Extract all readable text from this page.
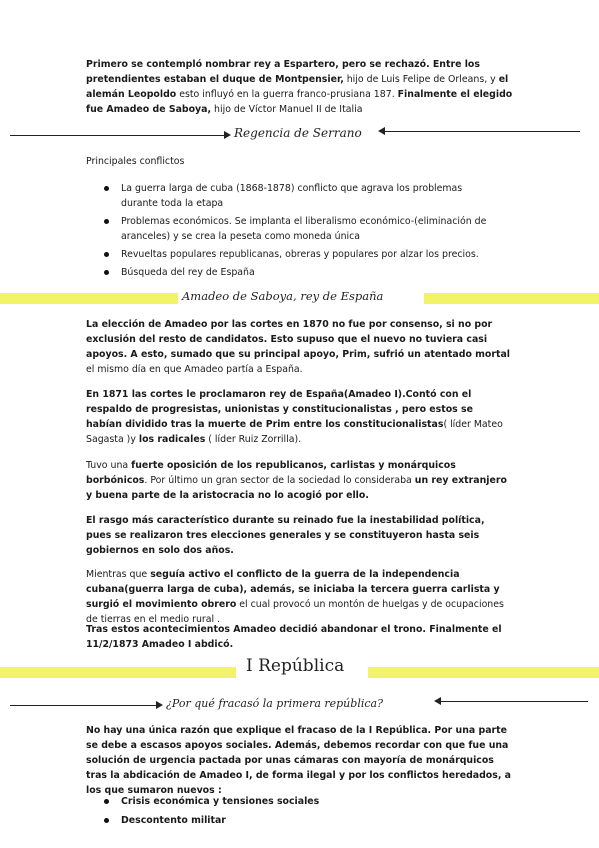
Primero se contempló nombrar rey a Espartero, pero se rechazó. Entre los pretendientes estaban el duque de Montpensier, hijo de Luis Felipe de Orleans, y el alemán Leopoldo esto influyó en la guerra franco-prusiana 187. Finalmente el elegido fue Amadeo de Saboya, hijo de Víctor Manuel II de Italia

Regencia de Serrano

Principales conflictos

La guerra larga de cuba (1868-1878) conflicto que agrava los problemas durante toda la etapa
Problemas económicos. Se implanta el liberalismo económico-(eliminación de aranceles) y se crea la peseta como moneda única
Revueltas populares republicanas, obreras y populares por alzar los precios.
Búsqueda del rey de España
Amadeo de Saboya, rey de España

La elección de Amadeo por las cortes en 1870 no fue por consenso, si no por exclusión del resto de candidatos. Esto supuso que el nuevo no tuviera casi apoyos. A esto, sumado que su principal apoyo, Prim, sufrió un atentado mortal el mismo día en que Amadeo partía a España.

En 1871 las cortes le proclamaron rey de España(Amadeo I).Contó con el respaldo de progresistas, unionistas y constitucionalistas , pero estos se habían dividido tras la muerte de Prim entre los constitucionalistas( líder Mateo Sagasta )y los radicales ( líder Ruiz Zorrilla).

Tuvo una fuerte oposición de los republicanos, carlistas y monárquicos borbónicos. Por último un gran sector de la sociedad lo consideraba un rey extranjero y buena parte de la aristocracia no lo acogió por ello.

El rasgo más característico durante su reinado fue la inestabilidad política, pues se realizaron tres elecciones generales y se constituyeron hasta seis gobiernos en solo dos años.

Mientras que seguía activo el conflicto de la guerra de la independencia cubana(guerra larga de cuba), además, se iniciaba la tercera guerra carlista y surgió el movimiento obrero el cual provocó un montón de huelgas y de ocupaciones de tierras en el medio rural .

Tras estos acontecimientos Amadeo decidió abandonar el trono. Finalmente el 11/2/1873 Amadeo I abdicó.

I República
¿Por qué fracasó la primera república?

No hay una única razón que explique el fracaso de la I República. Por una parte se debe a escasos apoyos sociales. Además, debemos recordar con que fue una solución de urgencia pactada por unas cámaras con mayoría de monárquicos tras la abdicación de Amadeo I, de forma ilegal y por los conflictos heredados, a los que sumaron nuevos :

Crisis económica y tensiones sociales
Descontento militar
